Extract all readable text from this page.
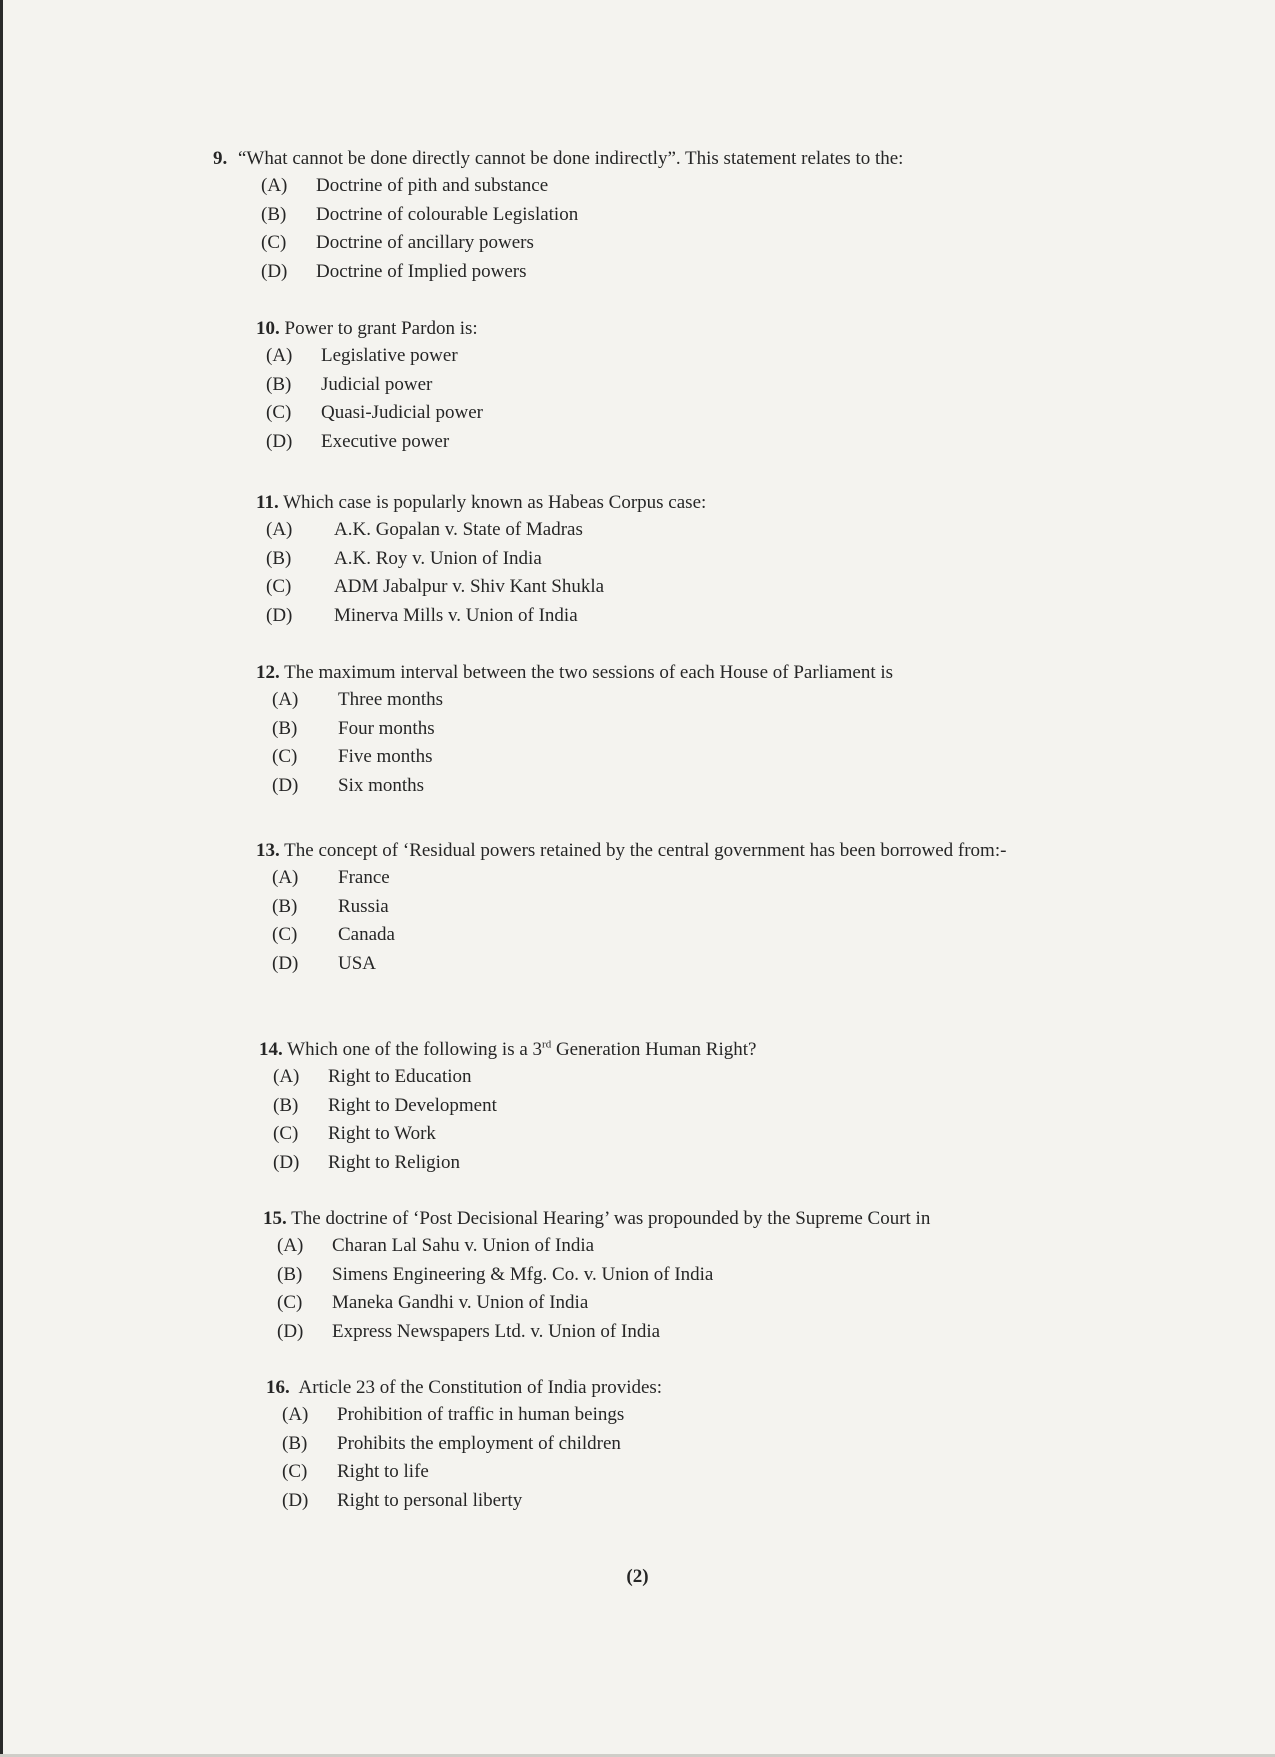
9. “What cannot be done directly cannot be done indirectly”. This statement relates to the:

(A)	Doctrine of pith and substance
(B)	Doctrine of colourable Legislation
(C)	Doctrine of ancillary powers
(D)	Doctrine of Implied powers

10. Power to grant Pardon is:

(A)	Legislative power
(B)	Judicial power
(C)	Quasi-Judicial power
(D)	Executive power

11. Which case is popularly known as Habeas Corpus case:

(A)	A.K. Gopalan v. State of Madras
(B)	A.K. Roy v. Union of India
(C)	ADM Jabalpur v. Shiv Kant Shukla
(D)	Minerva Mills v. Union of India

12. The maximum interval between the two sessions of each House of Parliament is

(A)	Three months
(B)	Four months
(C)	Five months
(D)	Six months

13. The concept of ‘Residual powers retained by the central government has been borrowed from:-

(A)	France
(B)	Russia
(C)	Canada
(D)	USA

14. Which one of the following is a 3rd Generation Human Right?

(A)	Right to Education
(B)	Right to Development
(C)	Right to Work
(D)	Right to Religion

15. The doctrine of ‘Post Decisional Hearing’ was propounded by the Supreme Court in

(A)	Charan Lal Sahu v. Union of India
(B)	Simens Engineering & Mfg. Co. v. Union of India
(C)	Maneka Gandhi v. Union of India
(D)	Express Newspapers Ltd. v. Union of India

16. Article 23 of the Constitution of India provides:

(A)	Prohibition of traffic in human beings
(B)	Prohibits the employment of children
(C)	Right to life
(D)	Right to personal liberty
(2)
